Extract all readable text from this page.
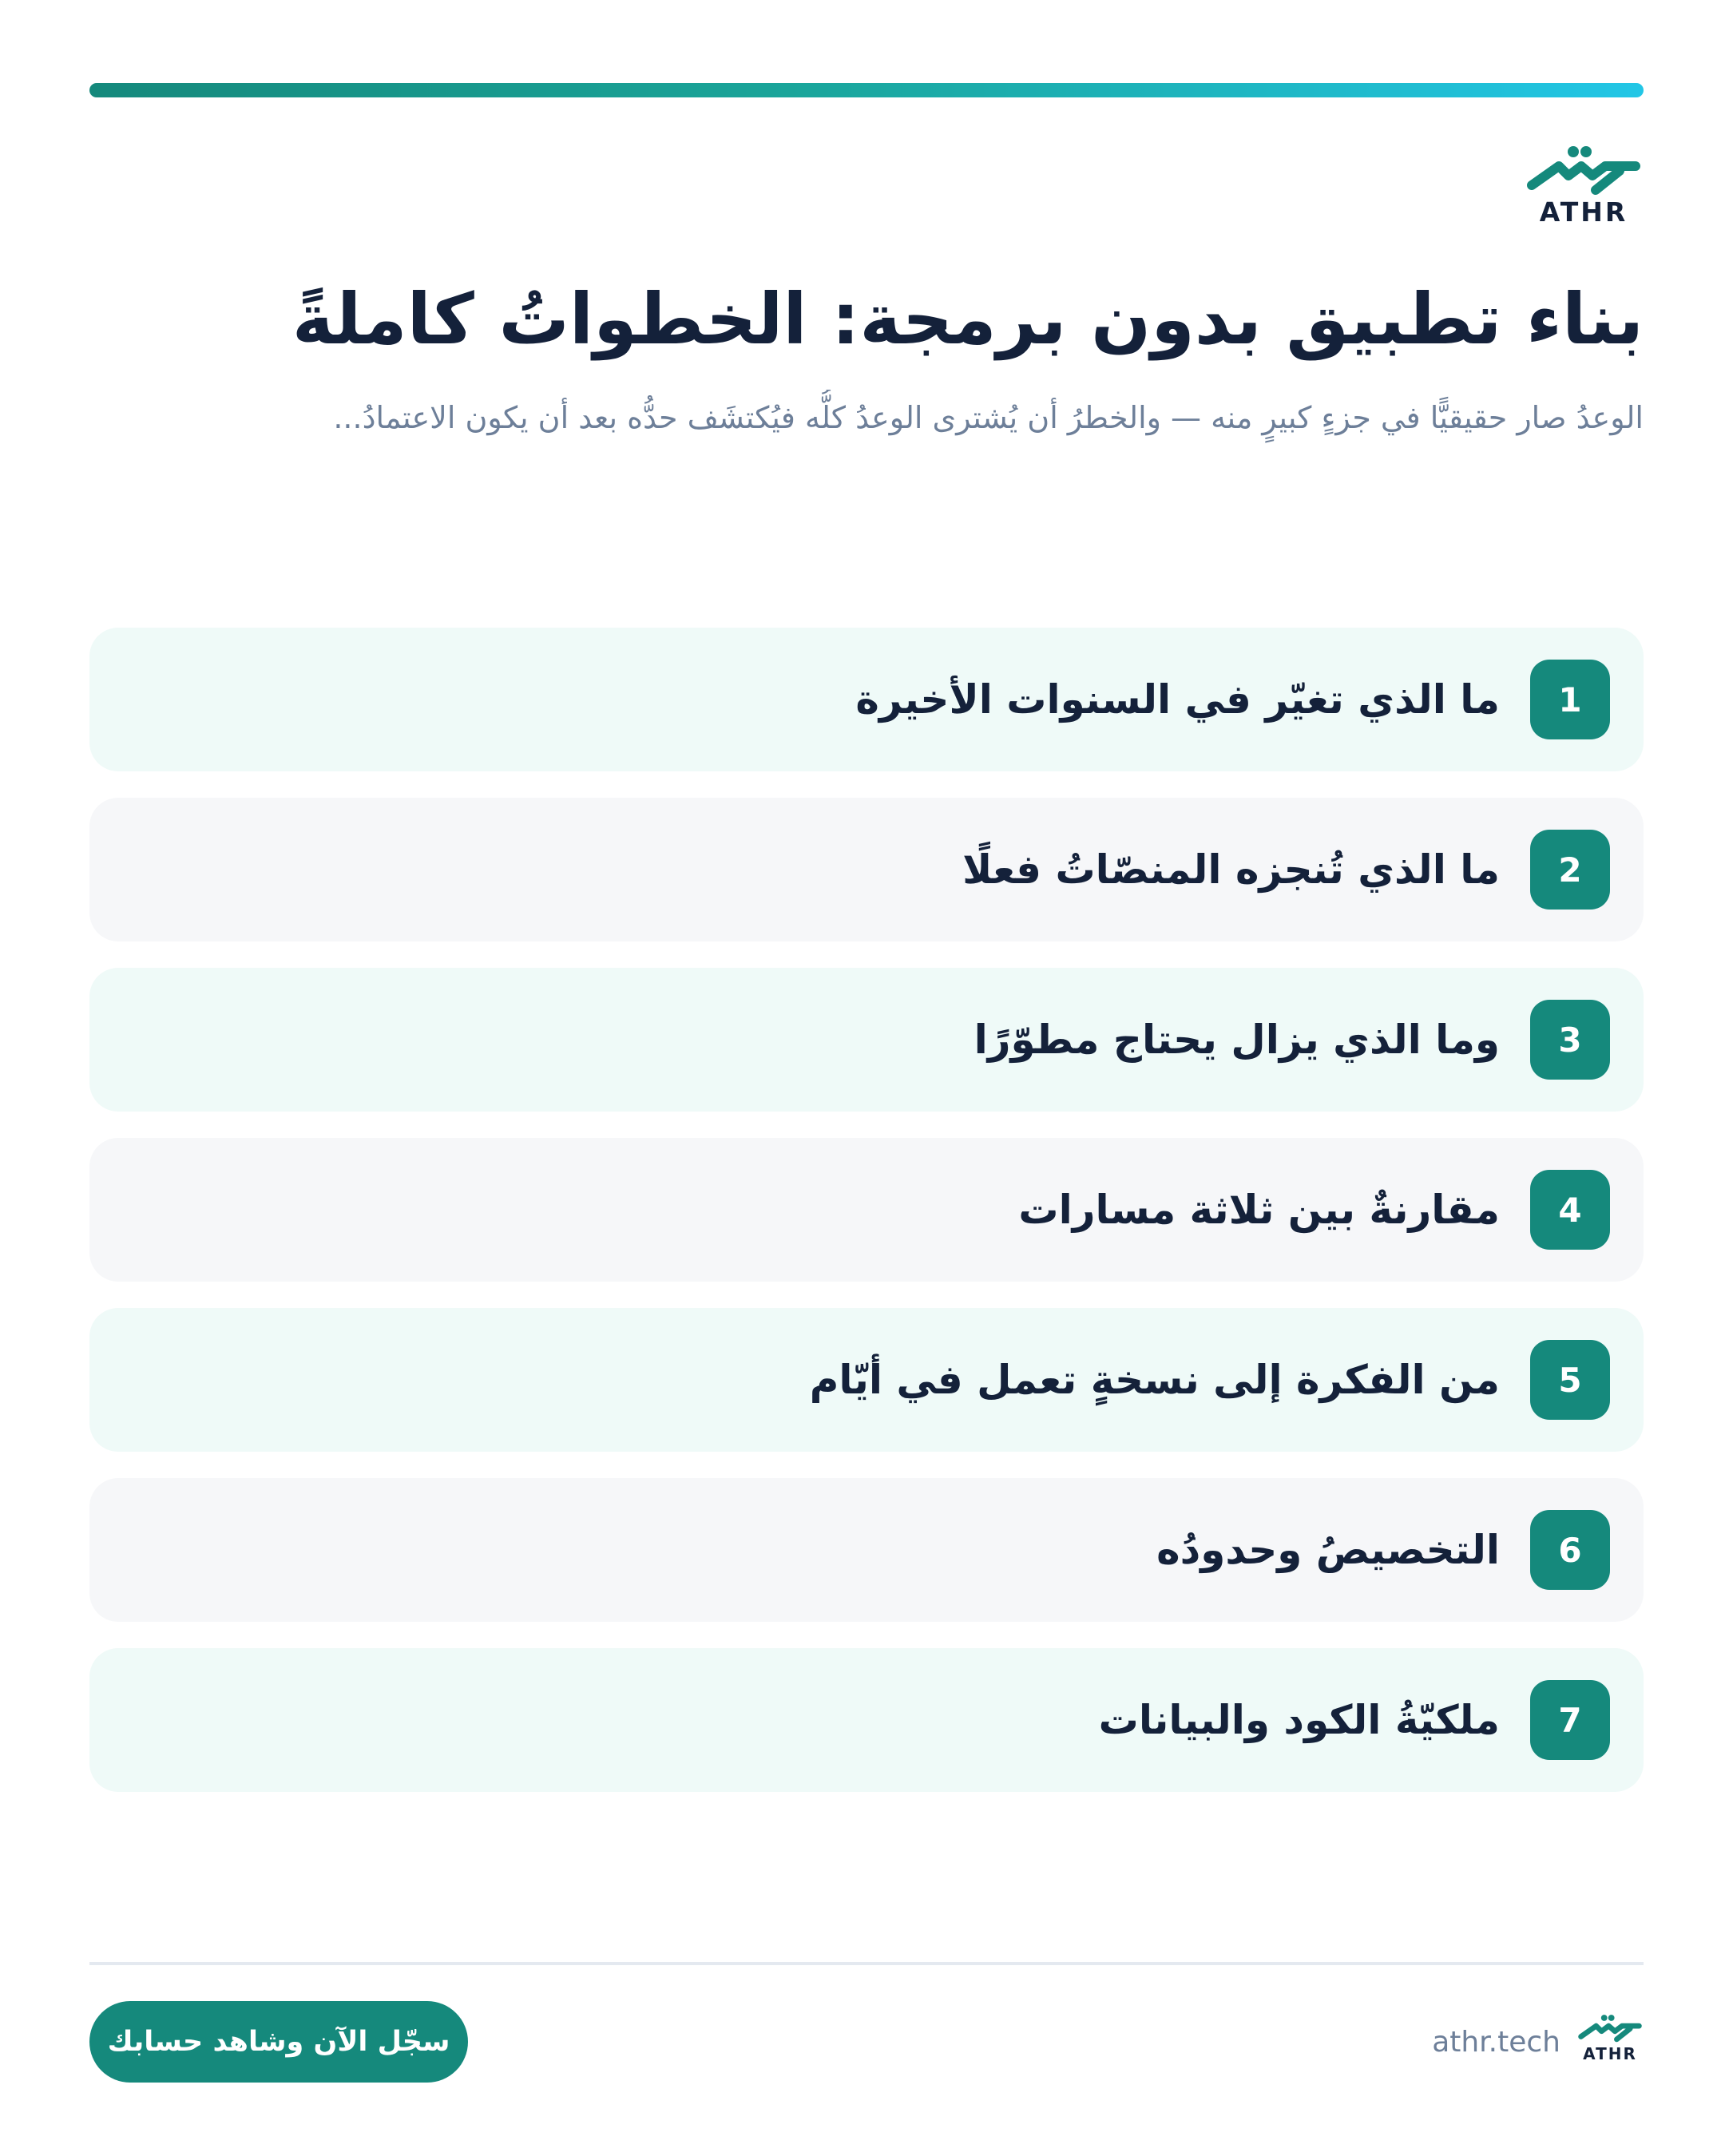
ATHR
بناء تطبيق بدون برمجة: الخطواتُ كاملةً

الوعدُ صار حقيقيًّا في جزءٍ كبيرٍ منه — والخطرُ أن يُشترى الوعدُ كلُّه فيُكتشَف حدُّه بعد أن يكون الاعتمادُ...

1
ما الذي تغيّر في السنوات الأخيرة
2
ما الذي تُنجزه المنصّاتُ فعلًا
3
وما الذي يزال يحتاج مطوّرًا
4
مقارنةٌ بين ثلاثة مسارات
5
من الفكرة إلى نسخةٍ تعمل في أيّام
6
التخصيصُ وحدودُه
7
ملكيّةُ الكود والبيانات
ATHR
athr.tech
سجّل الآن وشاهد حسابك
